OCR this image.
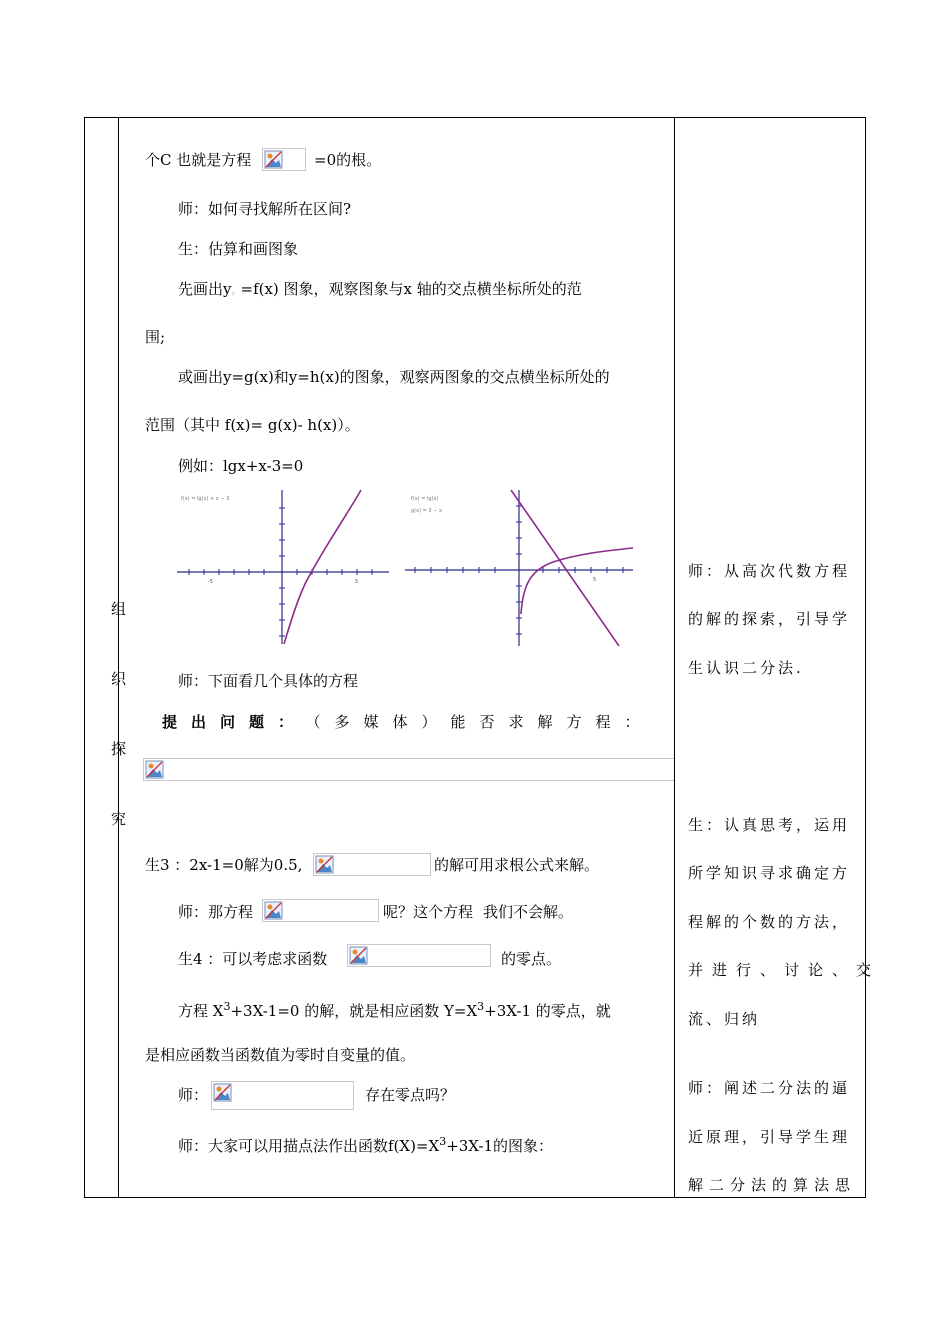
组
织
探
究
个C 也就是方程	=0的根。
师：如何寻找解所在区间?
生：估算和画图象
先画出y。=f(x) 图象，观察图象与x 轴的交点横坐标所处的范
围;
或画出y=g(x)和y=h(x)的图象，观察两图象的交点横坐标所处的
范围（其中 f(x)= g(x)- h(x)）。
例如：lgx+x-3=0
f(x) = lg(x) + x − 3
-5	5
f(x) = lg(x)
g(x) = 3 − x
5
师：下面看几个具体的方程
提出问题： （多媒体）能否求解方程：
生3 ：2x-1=0解为0.5,	的解可用求根公式来解。
师：那方程	呢？这个方程 我们不会解。
生4 ：可以考虑求函数	的零点。
方程 $X^3+3X-1=0$ 的解，就是相应函数 $Y=X^3+3X-1$ 的零点，就
是相应函数当函数值为零时自变量的值。
师：	存在零点吗？
师：大家可以用描点法作出函数$f(X)=X^3+3X-1$的图象：
师：从高次代数方程
的解的探索，引导学
生认识二分法.
生：认真思考，运用
所学知识寻求确定方
程解的个数的方法，
并进行、讨论、交
流、归纳
师：阐述二分法的逼
近原理，引导学生理
解二分法的算法思
